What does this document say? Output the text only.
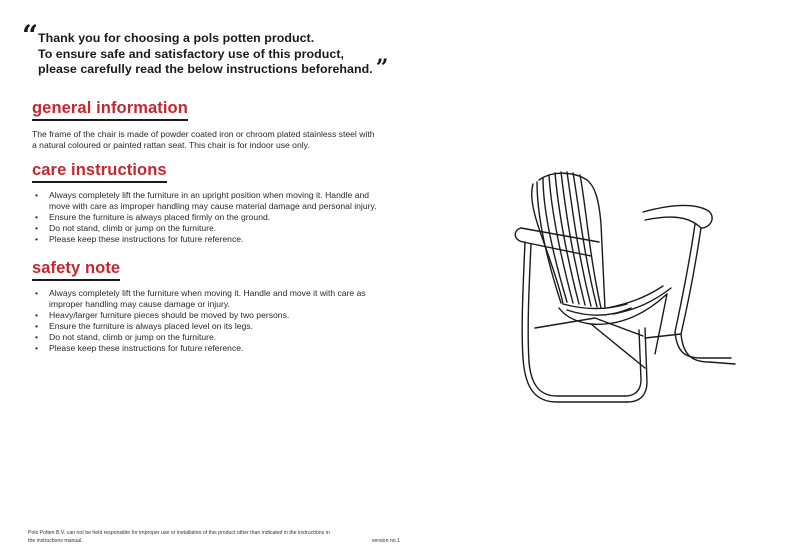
“ Thank you for choosing a pols potten product.
To ensure safe and satisfactory use of this product,
please carefully read the below instructions beforehand. ”
general information
The frame of the chair is made of powder coated iron or chroom plated stainless steel with
a natural coloured or painted rattan seat. This chair is for indoor use only.
care instructions
• Always completely lift the furniture in an upright position when moving it. Handle and
move with care as improper handling may cause material damage and personal injury.
• Ensure the furniture is always placed firmly on the ground.
• Do not stand, climb or jump on the furniture.
• Please keep these instructions for future reference.
safety note
• Always completely lift the furniture when moving it. Handle and move it with care as
improper handling may cause damage or injury.
• Heavy/larger furniture pieces should be moved by two persons.
• Ensure the furniture is always placed level on its legs.
• Do not stand, climb or jump on the furniture.
• Please keep these instructions for future reference.
Pols Potten B.V. can not be held responsible for improper use or installation of this product other than indicated in the instructions in
the instructions manual.	version no.1
